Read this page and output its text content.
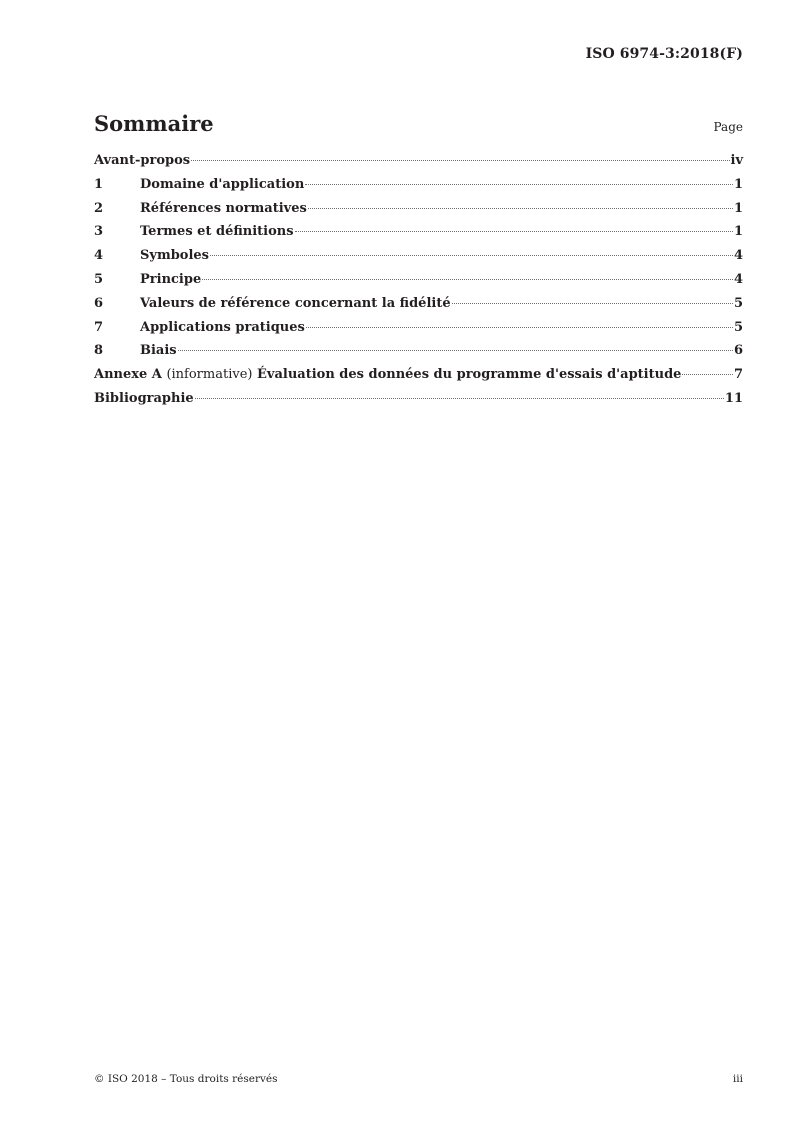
ISO 6974-3:2018(F)
Sommaire	Page
Avant-propos	iv
1	Domaine d'application	1
2	Références normatives	1
3	Termes et définitions	1
4	Symboles	4
5	Principe	4
6	Valeurs de référence concernant la fidélité	5
7	Applications pratiques	5
8	Biais	6
Annexe A (informative) Évaluation des données du programme d'essais d'aptitude	7
Bibliographie	11
© ISO 2018 – Tous droits réservés	iii
